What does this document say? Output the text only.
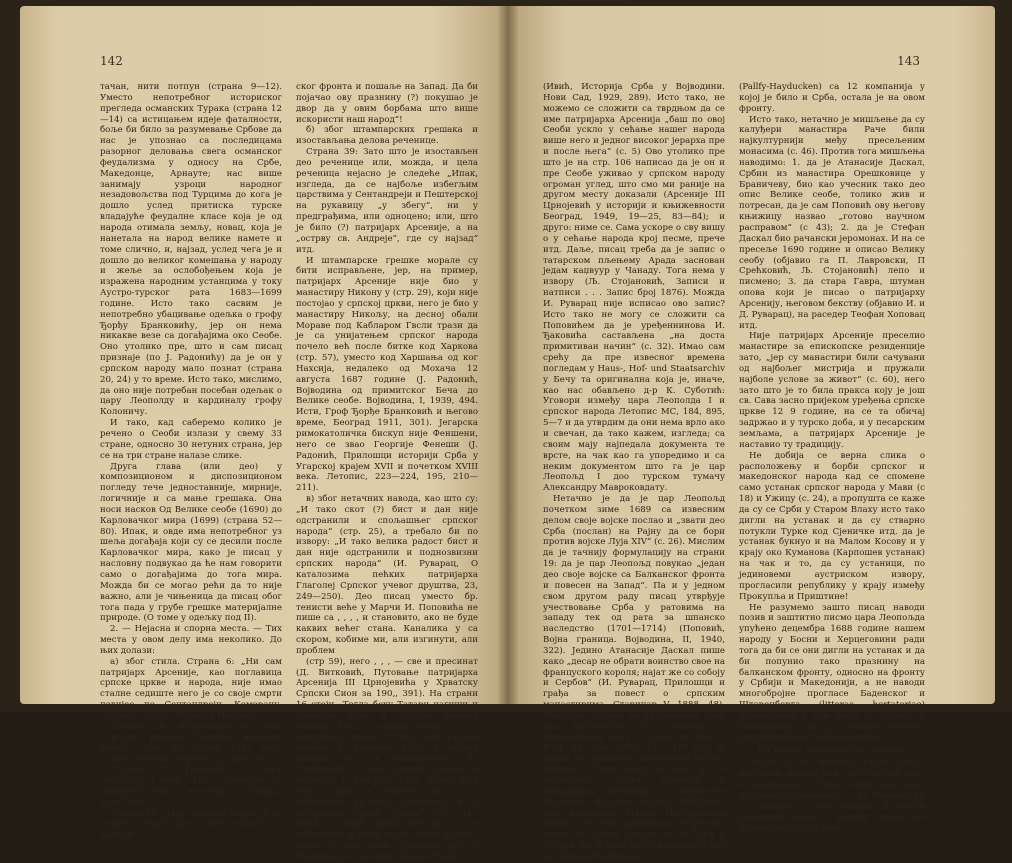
142

тачан, нити потпун (страна 9—12). Уместо непотребног историског прегледа османских Турака (страна 12—14) са истицањем идеје фаталности, боље би било за разумевање Србове да нас је упознао са последицама разорног деловања свега османског феудализма у односу на Србе, Македонце, Арнауте; нас више занимају узроци народног незадовољства под Турцима до кога је дошло услед притиска турске владајуће феудалне класе која је од народа отимала земљу, новац, која је нанетала на народ велике намете и томе слично, и, најзад, услед чега је и дошло до великог комешања у народу и жеље за ослобођењем која је изражена народним устанцима у току Аустро-турског рата 1683—1699 године. Исто тако сасвим је непотребно убацивање одељка о грофу Ђорђу Бранковићу, јер он нема никакве везе са догађајима око Сеобе. Оно утолико пре, што и сам писац признаје (по Ј. Радонићу) да је он у српском народу мало познат (страна 20, 24) у то време. Исто тако, мислимо, да оно није потребан посебан одељак о цару Леополду и кардиналу грофу Колоничу.

И тако, кад саберемо колико је речено о Сеоби излази у свему 33 стране, односно 30 нетуних страна, јер се на три стране налазе слике.

Друга глава (или део) у композиционом и диспозиционом погледу тече једноставније, мирније, логичније и са мање грешака. Она носи насков Од Велике сеобе (1690) до Карловачког мира (1699) (страна 52—80). Ипак, и овде има непотребног уз шеља догађаја који су се десили после Карловачког мира, како је писац у насловну подвукао да ће нам говорити само о догађајима до тога мира. Можда би се могао рећи да то није важно, али је чињеница да писац обог тога пада у грубе грешке материјалне природе. (О томе у одељку под II).

2. — Нејасна и спорна места. — Тих места у овом делу има неколико. До њих долази:

а) због стила. Страна 6: „Ни сам патријарх Арсеније, као поглавица српске цркве и народа, није имао сталне седиште него је со своје смрти повијео по Сентандреји, Коморану, Сирачу, Сечују, Футогу и Пакрацу . . .“

Страна 24: Исправније је рећи „Српско римско царство немачке нације“ (као но страни 138), него „Свето немачко царство“ (страна 24).

Страна 47: Говорећи о цару Леополду I вели „1687 претворио је мађарску круну у наследну по мушкој лози“ итд.

Страна 19. „Цар Леополд морао је да повуче један део своје војске са Балкан-

ског фронта и пошаље на Запад. Да би појачао ову празнину (?) покушао је двор да у овим борбама што више искористи наш народ“!

б) због штампарских грешака и изостављања делова реченице.

Страна 39: Зато што је изостављен део реченице или, можда, и цела реченица нејасно је следеће „Ипак, изгледа, да се најбоље избегљим царствима у Сентандреји и Пештерској на рукавицу „у збегу“, ни у предграђима, или одноцено; или, што је било (?) патријарх Арсеније, а на „острву св. Андреје“, где су најзад“ итд.

И штампарске грешке морале су бити исправљене, јер, на пример, патријарх Арсеније није био у манастиру Никону у (стр. 29), који није постојао у српској цркви, него је био у манастиру Никољу, на десној обали Мораве под Кабларом Гвсли трази да је са унијатењем српског народа почело већ после битке код Харкова (стр. 57), уместо код Харшања од ког Нахсија, недалеко од Мохача 12 августа 1687 године (Ј. Радонић, Војводина од примитског Беча до Велике сеобе. Војводина, I, 1939, 494. Исти, Гроф Ђорђе Бранковић и његово време, Београд 1911, 301). Јегарска римокатоличка бискуп није Феншени, него се звао Георгије Фенеши (Ј. Радонић, Прилошци историји Срба у Угарској крајем XVII и почетком XVIII века. Летопис, 223—224, 195, 210—211).

в) због нетачних навода, као што су: „И тако скот (?) бист и дан није одстранили и спољашњег српског народа“ (стр. 25), а требало би по извору: „И тако велика радост бист и дан није одстранили и поднозвизни српских народа“ (И. Руварац, О каталозима пећких патријарха Глаголеј Српског учевог друштва, 23, 249—250). Део писац уместо бр. тенисти веће у Марчи И. Поповића не пише са , , , , и становито, ако не буде каквих већег стана. Каналика у са скором, кобиме ми, али изгинути, али проблем

(стр 59), него , , , — све и пресинат (Д. Витковић, Путовање патријарха Арсенија III Црнојевића у Хрватску Српски Сион за 190‚, 391). На страни 16 стоји „Тогла беху Татари нагиши и плениле Арад и остале; Вавшка (Бачин) бист в западу тепије“), а у оригиналу пише: „Тогда беху Татари напали и пленили Арад и остала Вавшка бист в запуштение“ (Љ. Стојановић, Стари српски записи и натписи, I. Београд, 1902. Запис број 8‘6). Спорно је следеће. „Да су се избеглице крстале „угланово и у Јегарским стране Дунава“ (стр. 34). Ивић с више права ове да су се избеглице држале десне обале Дунава, пошто је ове била угрожена, јер су Темишвар и околину држали Турци

143

(Ивић, Историја Срба у Војводини. Нови Сад, 1929, 289). Исто тако, не можемо се сложити са тврдњом да се име патријарха Арсенија „бaш по овој Сеоби ускло у сећање нашег народа више него и једног високог јерарха пре и после њега“ (с. 5) Ово утолико пре што је на стр. 106 написао да је он и пре Сеобе уживао у српском народу огроман углед, што смо ми раније на другом месту доказали (Арсеније III Црнојевић у историји и књижевности Београд, 1949, 19—25, 83—84); и друго: ниме се. Сама ускоре о сву вишу о у сећање народа крој песме, прече итд. Даље, писац треба да је запис о татарском пљењему Арада заснован једам каџвуур у Чанаду. Тога нема у извору (Љ. Стојановић, Записи и натписи . . . Запис број 1876). Можда И. Руварац није исписао ово запис? Исто тако не могу се сложити са Поповићем да је уређеннинова И. Ђаковића састављена „на доста примитиван начин“ (с. 32). Имао сам срећу да пре извесног времена погледам у Haus-, Hof- und Staatsarchiv у Бечу та оригинална која је, иначе, као нас обављено д-р К. Суботић: Уговори између цара Леополда I и српског народа Летопис МС, 184, 895, 5—7 и да утврдим да они нема врло ако и свечан, да тако кажем, изгледа; са своим мају најпедала документа те врсте, на чак као га упоредимо и са неким документом што га је цар Леопољд I доо турском тумачу Александру Мавроковдату.

Нетачно је да је цар Леопољд почетком зиме 1689 са извесним делом своје војске послао и „звати део Срба (послан) на Рајну да се бори против војске Луја XIV“ (с. 26). Мислим да је тачнију формулацију на страни 19: да је цар Леопољд повукао „један део своје војске са Балканског фронта и повесен на Запад“. Па и у једном свом другом раду писац утврђује учествовање Срба у ратовима на западу тек од рата за шпанско наследство (1701—1714) (Поповић, Војна граница. Војводина, II, 1940, 322). Једино Атанасије Даскал пише како „десар не обрати воинство свое на француского короля; најат же со собоју и Сербов“ (И. Руварац, Прилошци и грађа за повест о српским манастирима, Старинар V, 1888, 48). Међутим, судећи по Гробиновом раду Die Kaiserlichen in Albanien у Mittheilungen des k. k. Kriegs-Archivs N. F. II. Bd, Wien 1888, 117—178 који је рађен по архивском материјалу Ратног архива у Бечу види се ово: да је целокупна српска коњичка и пешадијска милиција у (Deák'sche Regiment, Rasciana militia, Feld-Miliz) под командом Павла Несторовића Дејака и посеље одашиљања несрпских трупа на Запад, остала да се бори у Србији. На и неке друге регименте као на пример Палфијева

(Pallfy-Hayducken) са 12 компанија у којој је било и Срба, остала је на овом фронту.

Исто тако, нетачно је мишљење да су калуђери манастира Раче били најкултурнији међу пресељеним монасима (с. 46). Против тога мишљења наводимо: 1. да је Атанасије Даскал, Србин из манастира Орешковице у Браничеву, био као учесник тако део опис Велике сеобе, толико жив и потресан, да је сам Поповић ову његову књижицу назвао „готово научном расправом“ (с 43); 2. да је Стефан Даскал био рачански јеромонах. И на се пресеље 1690 године и описао Велику сеобу (објавио га П. Лавровски, П Срећковић, Љ. Стојановић) лепо и писмено; 3. да стара Гавра, штуман опова који је писао о патријарху Арсенију, његовом бекству (објавио И. и Д. Руварац), на раседер Теофан Хоповац итд.

Није патријарх Арсеније преселио манастире за епископске резиденције зато, „јер су манастири били сачувани од најбољег мистрија и пружали најболе услове за живот“ (с. 60), него зато што је то била пракса коју је још св. Сава засно пријеком уређења српске цркве 12 9 године, на се та обичај задржао и у турско доба, и у песарским земљама, а патријарх Арсеније је наставио ту традицију.

Не добија се верна слика о расположењу и борби српског и македонског народа кад се спомене само устанак српског народа у Мави (с 18) и Ужицу (с. 24), а пропушта се каже да су се Срби у Старом Влаху исто тако дигли на устанак и да су стварно потукли Турке код Сјеничке итд. да је устанак букнуо и на Малом Косову и у крају око Куманова (Карпошев устанак) на чак и то, да су устаници, по јединовеми аустриском извору, прогласили републику у крају између Прокупља и Приштине!

Не разумемо зашто писац наводи позив и заштитно писмо цара Леопољда упућено децембра 1688 године нашем народу у Босни и Херцеговини ради тога да би се они дигли на устанак и да би попунио тако празнину на балканском фронту, односно на фронту у Србији и Македонији, а не наводи многобројне прогласе Баденског и Штаренберга (litterae hortatoriae) разашиљане у том циљу по Србији и Македонији, где је стварно требало попунити фронт добровољцима.

II Грешке материјалне природе

Писац је на почетку увода рекао, долушње, да овај рад „нити пружа пуну и заокружену слику, нити даје увек потребна објашњења“ (с. 5). Читаоци би се њекако с тим, можда, и могли помирити, мада, у крајној линији, не видимо разлог да нам
